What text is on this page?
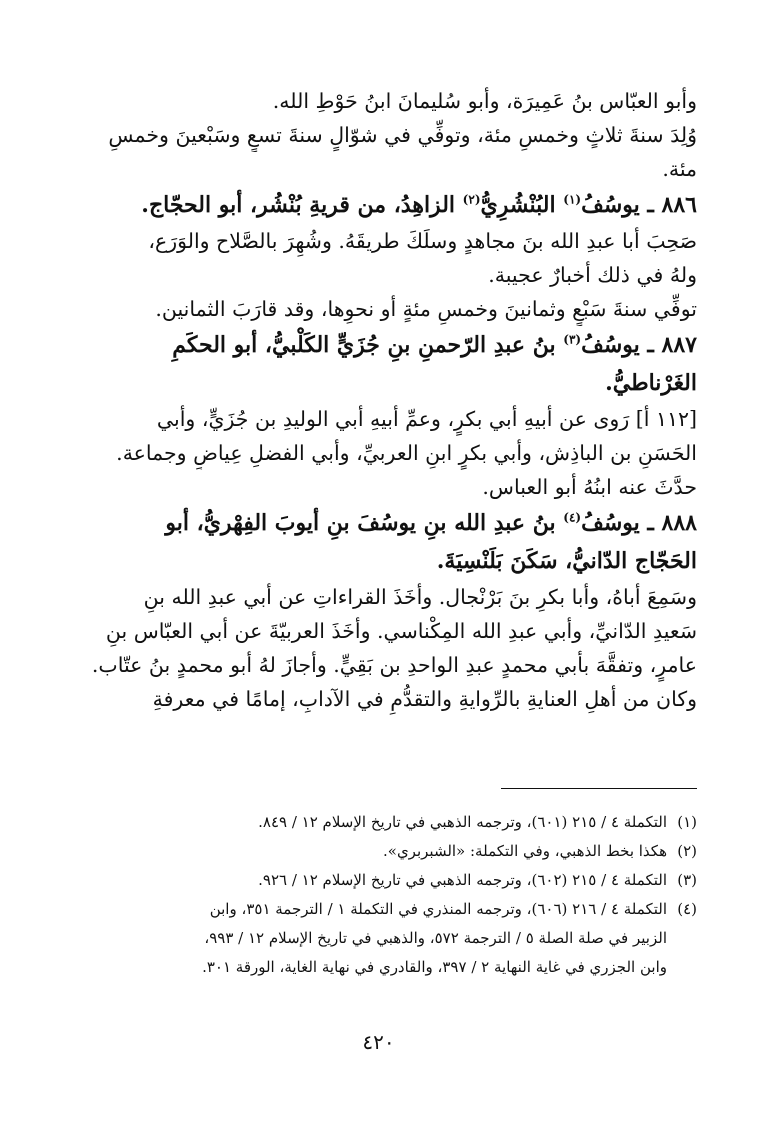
وأبو العبّاس بنُ عَمِيرَة، وأبو سُليمانَ ابنُ حَوْطِ الله.
وُلِدَ سنةَ ثلاثٍ وخمسِ مئة، وتوفِّي في شوّالٍ سنةَ تسعٍ وسَبْعينَ وخمسِ
مئة.
٨٨٦ ـ يوسُفُ$^{(١)}$ البُنْشُرِيُّ$^{(٢)}$ الزاهِدُ، من قريةِ بُنْشُر، أبو الحجّاج.
صَحِبَ أبا عبدِ الله بنَ مجاهدٍ وسلَكَ طريقَهُ. وشُهِرَ بالصَّلاح والوَرَع،
ولهُ في ذلك أخبارٌ عجيبة.
توفِّي سنةَ سَبْعٍ وثمانينَ وخمسِ مئةٍ أو نحوِها، وقد قارَبَ الثمانين.
٨٨٧ ـ يوسُفُ$^{(٣)}$ بنُ عبدِ الرّحمنِ بنِ جُزَيٍّ الكَلْبيُّ، أبو الحكَمِ
الغَرْناطيُّ.
[١١٢ أ] رَوى عن أبيهِ أبي بكرٍ، وعمِّ أبيهِ أبي الوليدِ بن جُزَيٍّ، وأبي
الحَسَنِ بن الباذِش، وأبي بكرٍ ابنِ العربيِّ، وأبي الفضلِ عِياضٍ وجماعة.
حدَّثَ عنه ابنُهُ أبو العباس.
٨٨٨ ـ يوسُفُ$^{(٤)}$ بنُ عبدِ الله بنِ يوسُفَ بنِ أيوبَ الفِهْريُّ، أبو
الحَجّاج الدّانيُّ، سَكَنَ بَلَنْسِيَةَ.
وسَمِعَ أباهُ، وأبا بكرِ بنَ بَرْنْجال. وأخَذَ القراءاتِ عن أبي عبدِ الله بنِ
سَعيدِ الدّانيِّ، وأبي عبدِ الله المِكْناسي. وأخَذَ العربيّةَ عن أبي العبّاس بنِ
عامرٍ، وتفقَّهَ بأبي محمدٍ عبدِ الواحدِ بن بَقِيٍّ. وأجازَ لهُ أبو محمدٍ بنُ عتّاب.
وكان من أهلِ العنايةِ بالرِّوايةِ والتقدُّمِ في الآدابِ، إمامًا في معرفةِ
(١)
التكملة ٤ / ٢١٥ (٦٠١)، وترجمه الذهبي في تاريخ الإسلام ١٢ / ٨٤٩.
(٢)
هكذا بخط الذهبي، وفي التكملة: «الشبربري».
(٣)
التكملة ٤ / ٢١٥ (٦٠٢)، وترجمه الذهبي في تاريخ الإسلام ١٢ / ٩٢٦.
(٤)
التكملة ٤ / ٢١٦ (٦٠٦)، وترجمه المنذري في التكملة ١ / الترجمة ٣٥١، وابن
الزبير في صلة الصلة ٥ / الترجمة ٥٧٢، والذهبي في تاريخ الإسلام ١٢ / ٩٩٣،
وابن الجزري في غاية النهاية ٢ / ٣٩٧، والقادري في نهاية الغاية، الورقة ٣٠١.
٤٢٠
